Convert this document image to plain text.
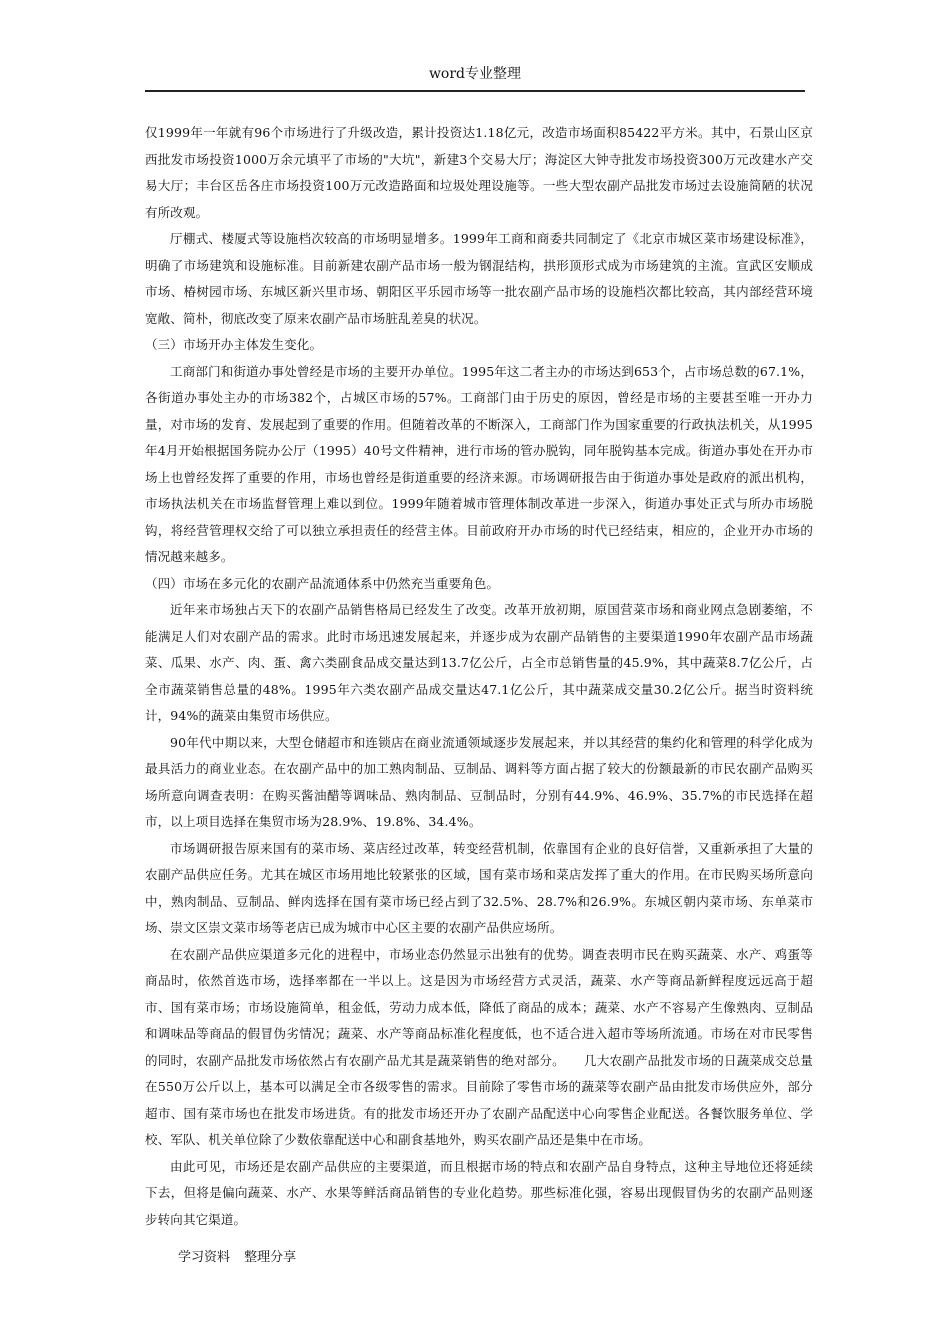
word专业整理

仅1999年一年就有96个市场进行了升级改造，累计投资达1.18亿元，改造市场面积85422平方米。其中，石景山区京西批发市场投资1000万余元填平了市场的"大坑"，新建3个交易大厅；海淀区大钟寺批发市场投资300万元改建水产交易大厅；丰台区岳各庄市场投资100万元改造路面和垃圾处理设施等。一些大型农副产品批发市场过去设施简陋的状况有所改观。

厅棚式、楼厦式等设施档次较高的市场明显增多。1999年工商和商委共同制定了《北京市城区菜市场建设标准》，明确了市场建筑和设施标准。目前新建农副产品市场一般为钢混结构，拱形顶形式成为市场建筑的主流。宣武区安顺成市场、椿树园市场、东城区新兴里市场、朝阳区平乐园市场等一批农副产品市场的设施档次都比较高，其内部经营环境宽敞、简朴，彻底改变了原来农副产品市场脏乱差臭的状况。

（三）市场开办主体发生变化。

工商部门和街道办事处曾经是市场的主要开办单位。1995年这二者主办的市场达到653个，占市场总数的67.1%，各街道办事处主办的市场382个，占城区市场的57%。工商部门由于历史的原因，曾经是市场的主要甚至唯一开办力量，对市场的发育、发展起到了重要的作用。但随着改革的不断深入，工商部门作为国家重要的行政执法机关，从1995年4月开始根据国务院办公厅（1995）40号文件精神，进行市场的管办脱钩，同年脱钩基本完成。街道办事处在开办市场上也曾经发挥了重要的作用，市场也曾经是街道重要的经济来源。市场调研报告由于街道办事处是政府的派出机构，市场执法机关在市场监督管理上难以到位。1999年随着城市管理体制改革进一步深入，街道办事处正式与所办市场脱钩，将经营管理权交给了可以独立承担责任的经营主体。目前政府开办市场的时代已经结束，相应的，企业开办市场的情况越来越多。

（四）市场在多元化的农副产品流通体系中仍然充当重要角色。

近年来市场独占天下的农副产品销售格局已经发生了改变。改革开放初期，原国营菜市场和商业网点急剧萎缩，不能满足人们对农副产品的需求。此时市场迅速发展起来，并逐步成为农副产品销售的主要渠道1990年农副产品市场蔬菜、瓜果、水产、肉、蛋、禽六类副食品成交量达到13.7亿公斤，占全市总销售量的45.9%，其中蔬菜8.7亿公斤，占全市蔬菜销售总量的48%。1995年六类农副产品成交量达47.1亿公斤，其中蔬菜成交量30.2亿公斤。据当时资料统计，94%的蔬菜由集贸市场供应。

90年代中期以来，大型仓储超市和连锁店在商业流通领域逐步发展起来，并以其经营的集约化和管理的科学化成为最具活力的商业业态。在农副产品中的加工熟肉制品、豆制品、调料等方面占据了较大的份额最新的市民农副产品购买场所意向调查表明：在购买酱油醋等调味品、熟肉制品、豆制品时，分别有44.9%、46.9%、35.7%的市民选择在超市，以上项目选择在集贸市场为28.9%、19.8%、34.4%。

市场调研报告原来国有的菜市场、菜店经过改革，转变经营机制，依靠国有企业的良好信誉，又重新承担了大量的农副产品供应任务。尤其在城区市场用地比较紧张的区域，国有菜市场和菜店发挥了重大的作用。在市民购买场所意向中，熟肉制品、豆制品、鲜肉选择在国有菜市场已经占到了32.5%、28.7%和26.9%。东城区朝内菜市场、东单菜市场、崇文区崇文菜市场等老店已成为城市中心区主要的农副产品供应场所。

在农副产品供应渠道多元化的进程中，市场业态仍然显示出独有的优势。调查表明市民在购买蔬菜、水产、鸡蛋等商品时，依然首选市场，选择率都在一半以上。这是因为市场经营方式灵活，蔬菜、水产等商品新鲜程度远远高于超市、国有菜市场；市场设施简单，租金低，劳动力成本低，降低了商品的成本；蔬菜、水产不容易产生像熟肉、豆制品和调味品等商品的假冒伪劣情况；蔬菜、水产等商品标准化程度低，也不适合进入超市等场所流通。市场在对市民零售的同时，农副产品批发市场依然占有农副产品尤其是蔬菜销售的绝对部分。　　几大农副产品批发市场的日蔬菜成交总量在550万公斤以上，基本可以满足全市各级零售的需求。目前除了零售市场的蔬菜等农副产品由批发市场供应外，部分超市、国有菜市场也在批发市场进货。有的批发市场还开办了农副产品配送中心向零售企业配送。各餐饮服务单位、学校、军队、机关单位除了少数依靠配送中心和副食基地外，购买农副产品还是集中在市场。

由此可见，市场还是农副产品供应的主要渠道，而且根据市场的特点和农副产品自身特点，这种主导地位还将延续下去，但将是偏向蔬菜、水产、水果等鲜活商品销售的专业化趋势。那些标准化强，容易出现假冒伪劣的农副产品则逐步转向其它渠道。

学习资料 整理分享
